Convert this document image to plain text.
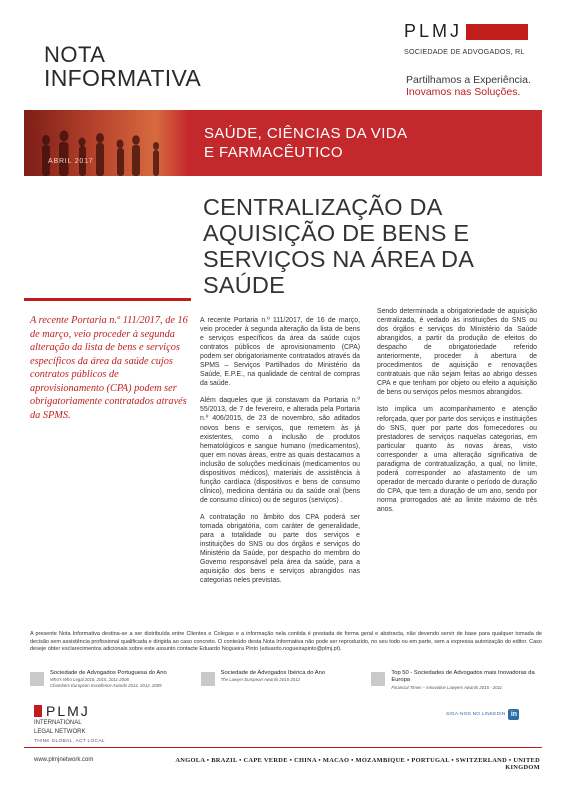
NOTA
INFORMATIVA
PLMJ
SOCIEDADE DE ADVOGADOS, RL
Partilhamos a Experiência.
Inovamos nas Soluções.
ABRIL 2017
SAÚDE, CIÊNCIAS DA VIDA
E FARMACÊUTICO
CENTRALIZAÇÃO DA
AQUISIÇÃO DE BENS E
SERVIÇOS NA ÁREA DA SAÚDE
A recente Portaria n.º 111/2017, de 16 de março, veio proceder à segunda alteração da lista de bens e serviços específicos da área da saúde cujos contratos públicos de aprovisionamento (CPA) podem ser obrigatoriamente contratados através da SPMS.

A recente Portaria n.º 111/2017, de 16 de março, veio proceder à segunda alteração da lista de bens e serviços específicos da área da saúde cujos contratos públicos de aprovisionamento (CPA) podem ser obrigatoriamente contratados através da SPMS – Serviços Partilhados do Ministério da Saúde, E.P.E., na qualidade de central de compras da saúde.

Além daqueles que já constavam da Portaria n.º 55/2013, de 7 de fevereiro, e alterada pela Portaria n.º 406/2015, de 23 de novembro, são aditados novos bens e serviços, que remetem às já existentes, como a inclusão de produtos hematológicos e sangue humano (medicamentos), quer em novas áreas, entre as quais destacamos a inclusão de soluções medicinais (medicamentos ou dispositivos médicos), materiais de assistência à função cardíaca (dispositivos e bens de consumo clínico), medicina dentária ou da saúde oral (bens de consumo clínico) ou de seguros (serviços) .

A contratação no âmbito dos CPA poderá ser tomada obrigatória, com caráter de generalidade, para a totalidade ou parte dos serviços e instituições do SNS ou dos órgãos e serviços do Ministério da Saúde, por despacho do membro do Governo responsável pela área da saúde, para a aquisição dos bens e serviços abrangidos nas categorias neles previstas.

Sendo determinada a obrigatoriedade de aquisição centralizada, é vedado às instituições do SNS ou dos órgãos e serviços do Ministério da Saúde abrangidos, a partir da produção de efeitos do despacho de obrigatoriedade referido anteriormente, proceder à abertura de procedimentos de aquisição e renovações contratuais que não sejam feitas ao abrigo desses CPA e que tenham por objeto ou efeito a aquisição de bens ou serviços pelos mesmos abrangidos.

Isto implica um acompanhamento e atenção reforçada, quer por parte dos serviços e instituições do SNS, quer por parte dos fornecedores ou prestadores de serviços naquelas categorias, em particular quanto às novas áreas, visto corresponder a uma alteração significativa de paradigma de contratualização, a qual, no limite, poderá corresponder ao afastamento de um operador de mercado durante o período de duração do CPA, que tem a duração de um ano, sendo por norma prorrogados até ao limite máximo de três anos.

A presente Nota Informativa destina-se a ser distribuída entre Clientes e Colegas e a informação nela contida é prestada de forma geral e abstracta, não devendo servir de base para qualquer tomada de decisão sem assistência profissional qualificada e dirigida ao caso concreto. O conteúdo desta Nota Informativa não pode ser reproduzido, no seu todo ou em parte, sem a expressa autorização do editor. Caso deseje obter esclarecimentos adicionais sobre este assunto contacte Eduardo Nogueira Pinto (eduardo.nogueirapinto@plmj.pt).
Sociedade de Advogados Portuguesa do Ano
Who's Who Legal 2016, 2015, 2011-2006
Chambers European Excellence Awards 2014, 2012, 2009
Sociedade de Advogados Ibérica do Ano
The Lawyer European Awards 2015-2012
Top 50 - Sociedades de Advogados mais Inovadoras da Europa
Financial Times – Innovative Lawyers Awards 2015 - 2011
PLMJ
INTERNATIONAL
LEGAL NETWORK
THINK GLOBAL, ACT LOCAL
SIGA-NOS NO LINKEDIN in
www.plmjnetwork.com	ANGOLA • BRAZIL • CAPE VERDE • CHINA • MACAO • MOZAMBIQUE • PORTUGAL • SWITZERLAND • UNITED KINGDOM
